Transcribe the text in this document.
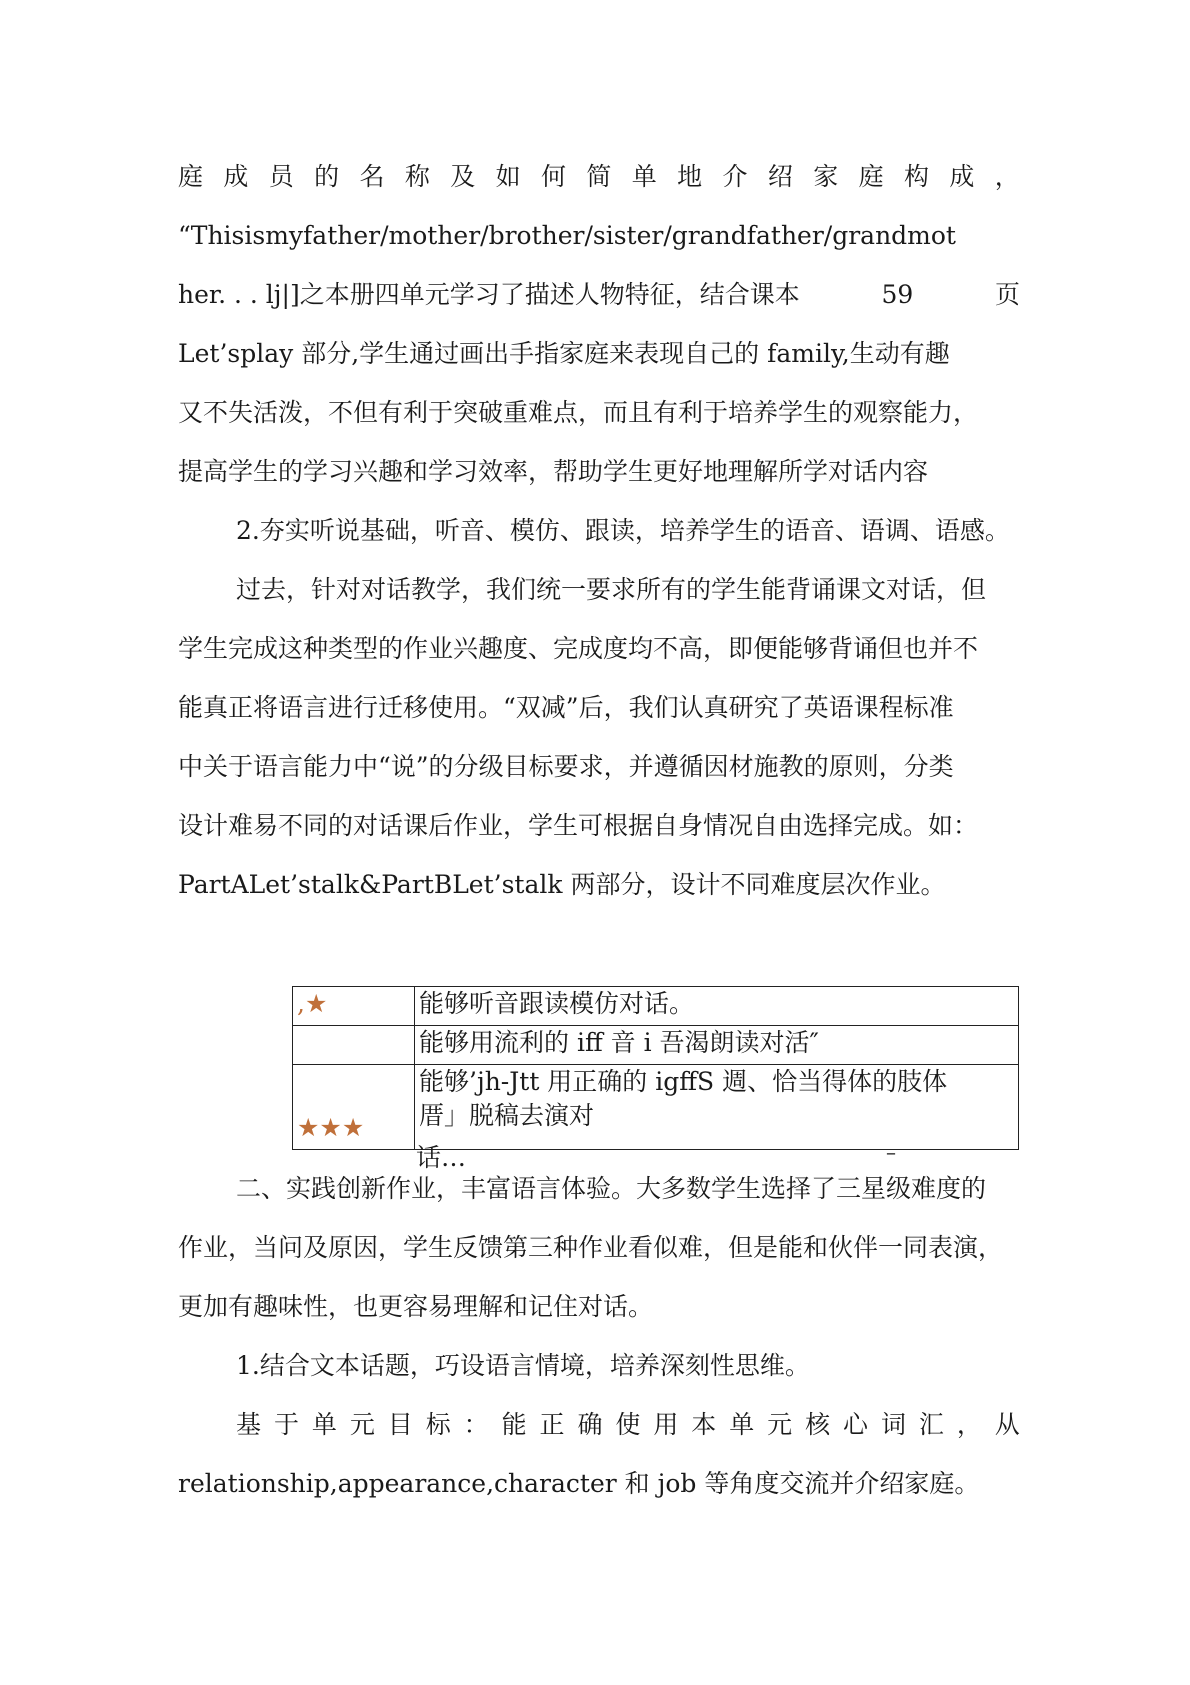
庭 成 员 的 名 称 及 如 何 简 单 地 介 绍 家 庭 构 成 ，
“Thisismyfather/mother/brother/sister/grandfather/grandmot
her. . . lj|]之本册四单元学习了描述人物特征，结合课本	59	页
Let’splay 部分,学生通过画出手指家庭来表现自己的 family,生动有趣
又不失活泼，不但有利于突破重难点，而且有利于培养学生的观察能力，
提高学生的学习兴趣和学习效率，帮助学生更好地理解所学对话内容
2.夯实听说基础，听音、模仿、跟读，培养学生的语音、语调、语感。
过去，针对对话教学，我们统一要求所有的学生能背诵课文对话，但
学生完成这种类型的作业兴趣度、完成度均不高，即便能够背诵但也并不
能真正将语言进行迁移使用。“双减”后，我们认真研究了英语课程标准
中关于语言能力中“说”的分级目标要求，并遵循因材施教的原则，分类
设计难易不同的对话课后作业，学生可根据自身情况自由选择完成。如：
PartALet’stalk&PartBLet’stalk 两部分，设计不同难度层次作业。
,★	能够听音跟读模仿对话。
	能够用流利的 iff 音 i 吾渴朗读对活″
★★★	能够’jh-Jtt 用正确的 igffS 週、恰当得体的肢体
厝」脱稿去演对
话…	–
二、实践创新作业，丰富语言体验。大多数学生选择了三星级难度的
作业，当问及原因，学生反馈第三种作业看似难，但是能和伙伴一同表演，
更加有趣味性，也更容易理解和记住对话。
1.结合文本话题，巧设语言情境，培养深刻性思维。
基 于 单 元 目 标 ： 能 正 确 使 用 本 单 元 核 心 词 汇 ， 从
relationship,appearance,character 和 job 等角度交流并介绍家庭。
